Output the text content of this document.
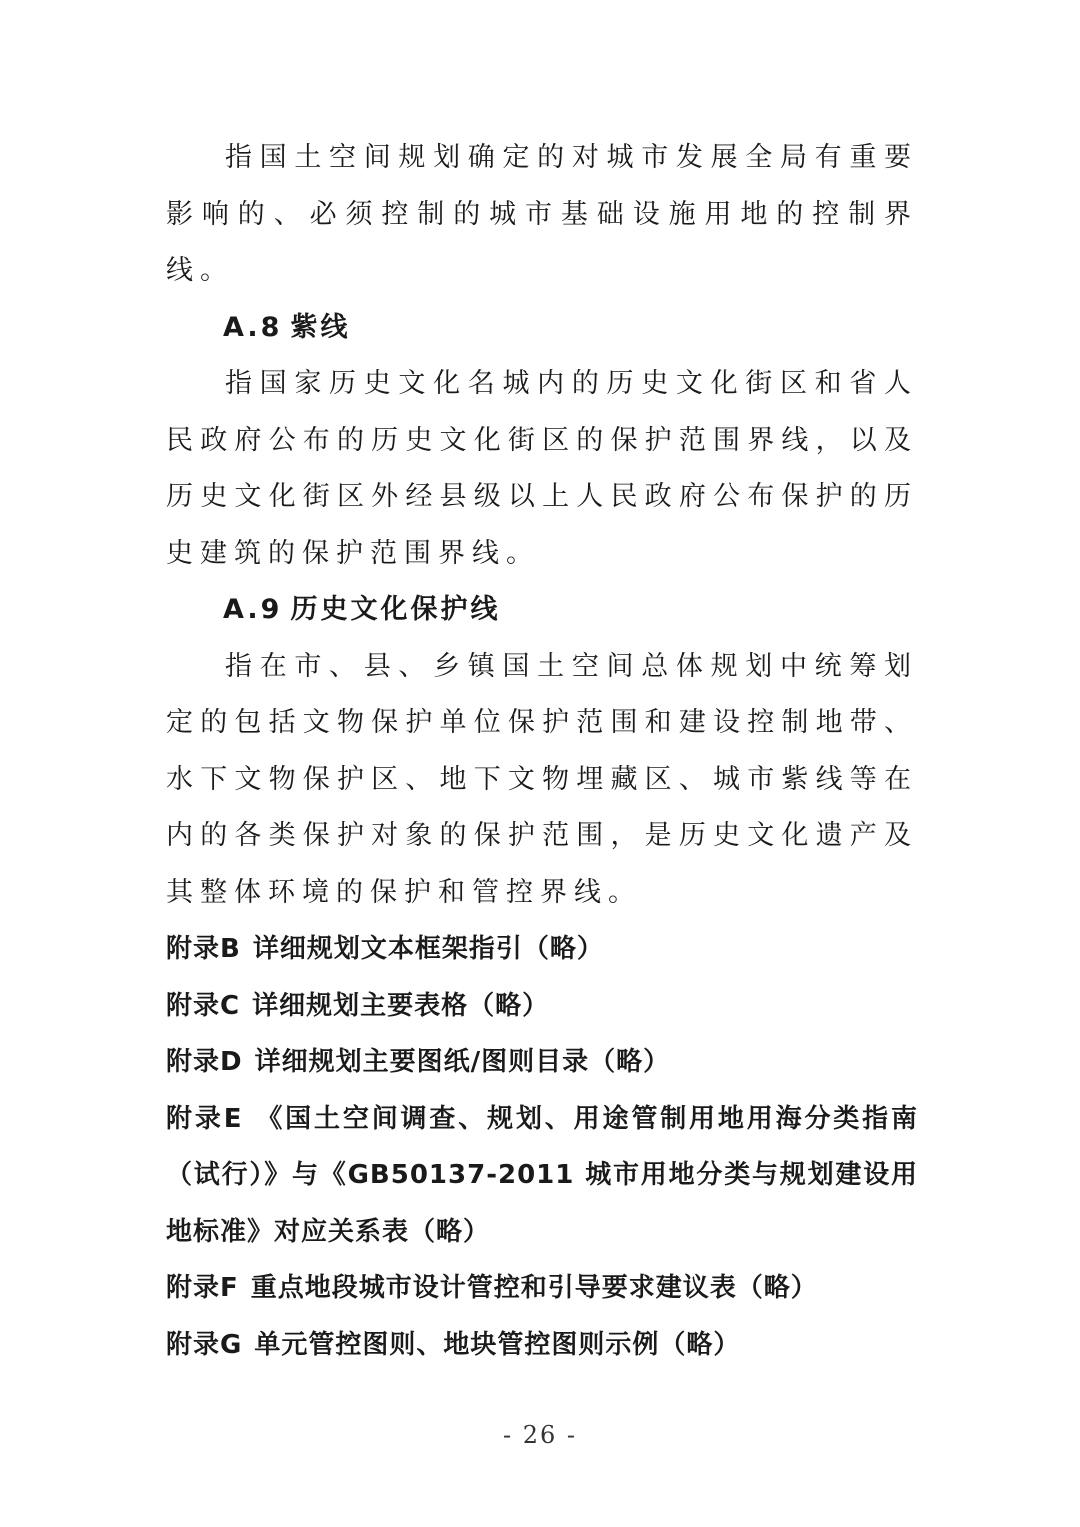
指国土空间规划确定的对城市发展全局有重要影响的、必须控制的城市基础设施用地的控制界线。

A.8 紫线

指国家历史文化名城内的历史文化街区和省人民政府公布的历史文化街区的保护范围界线，以及历史文化街区外经县级以上人民政府公布保护的历史建筑的保护范围界线。

A.9 历史文化保护线

指在市、县、乡镇国土空间总体规划中统筹划定的包括文物保护单位保护范围和建设控制地带、水下文物保护区、地下文物埋藏区、城市紫线等在内的各类保护对象的保护范围，是历史文化遗产及其整体环境的保护和管控界线。

附录B 详细规划文本框架指引（略）

附录C 详细规划主要表格（略）

附录D 详细规划主要图纸/图则目录（略）

附录E 《国土空间调查、规划、用途管制用地用海分类指南（试行）》与《GB50137-2011 城市用地分类与规划建设用地标准》对应关系表（略）

附录F 重点地段城市设计管控和引导要求建议表（略）

附录G 单元管控图则、地块管控图则示例（略）

- 26 -
